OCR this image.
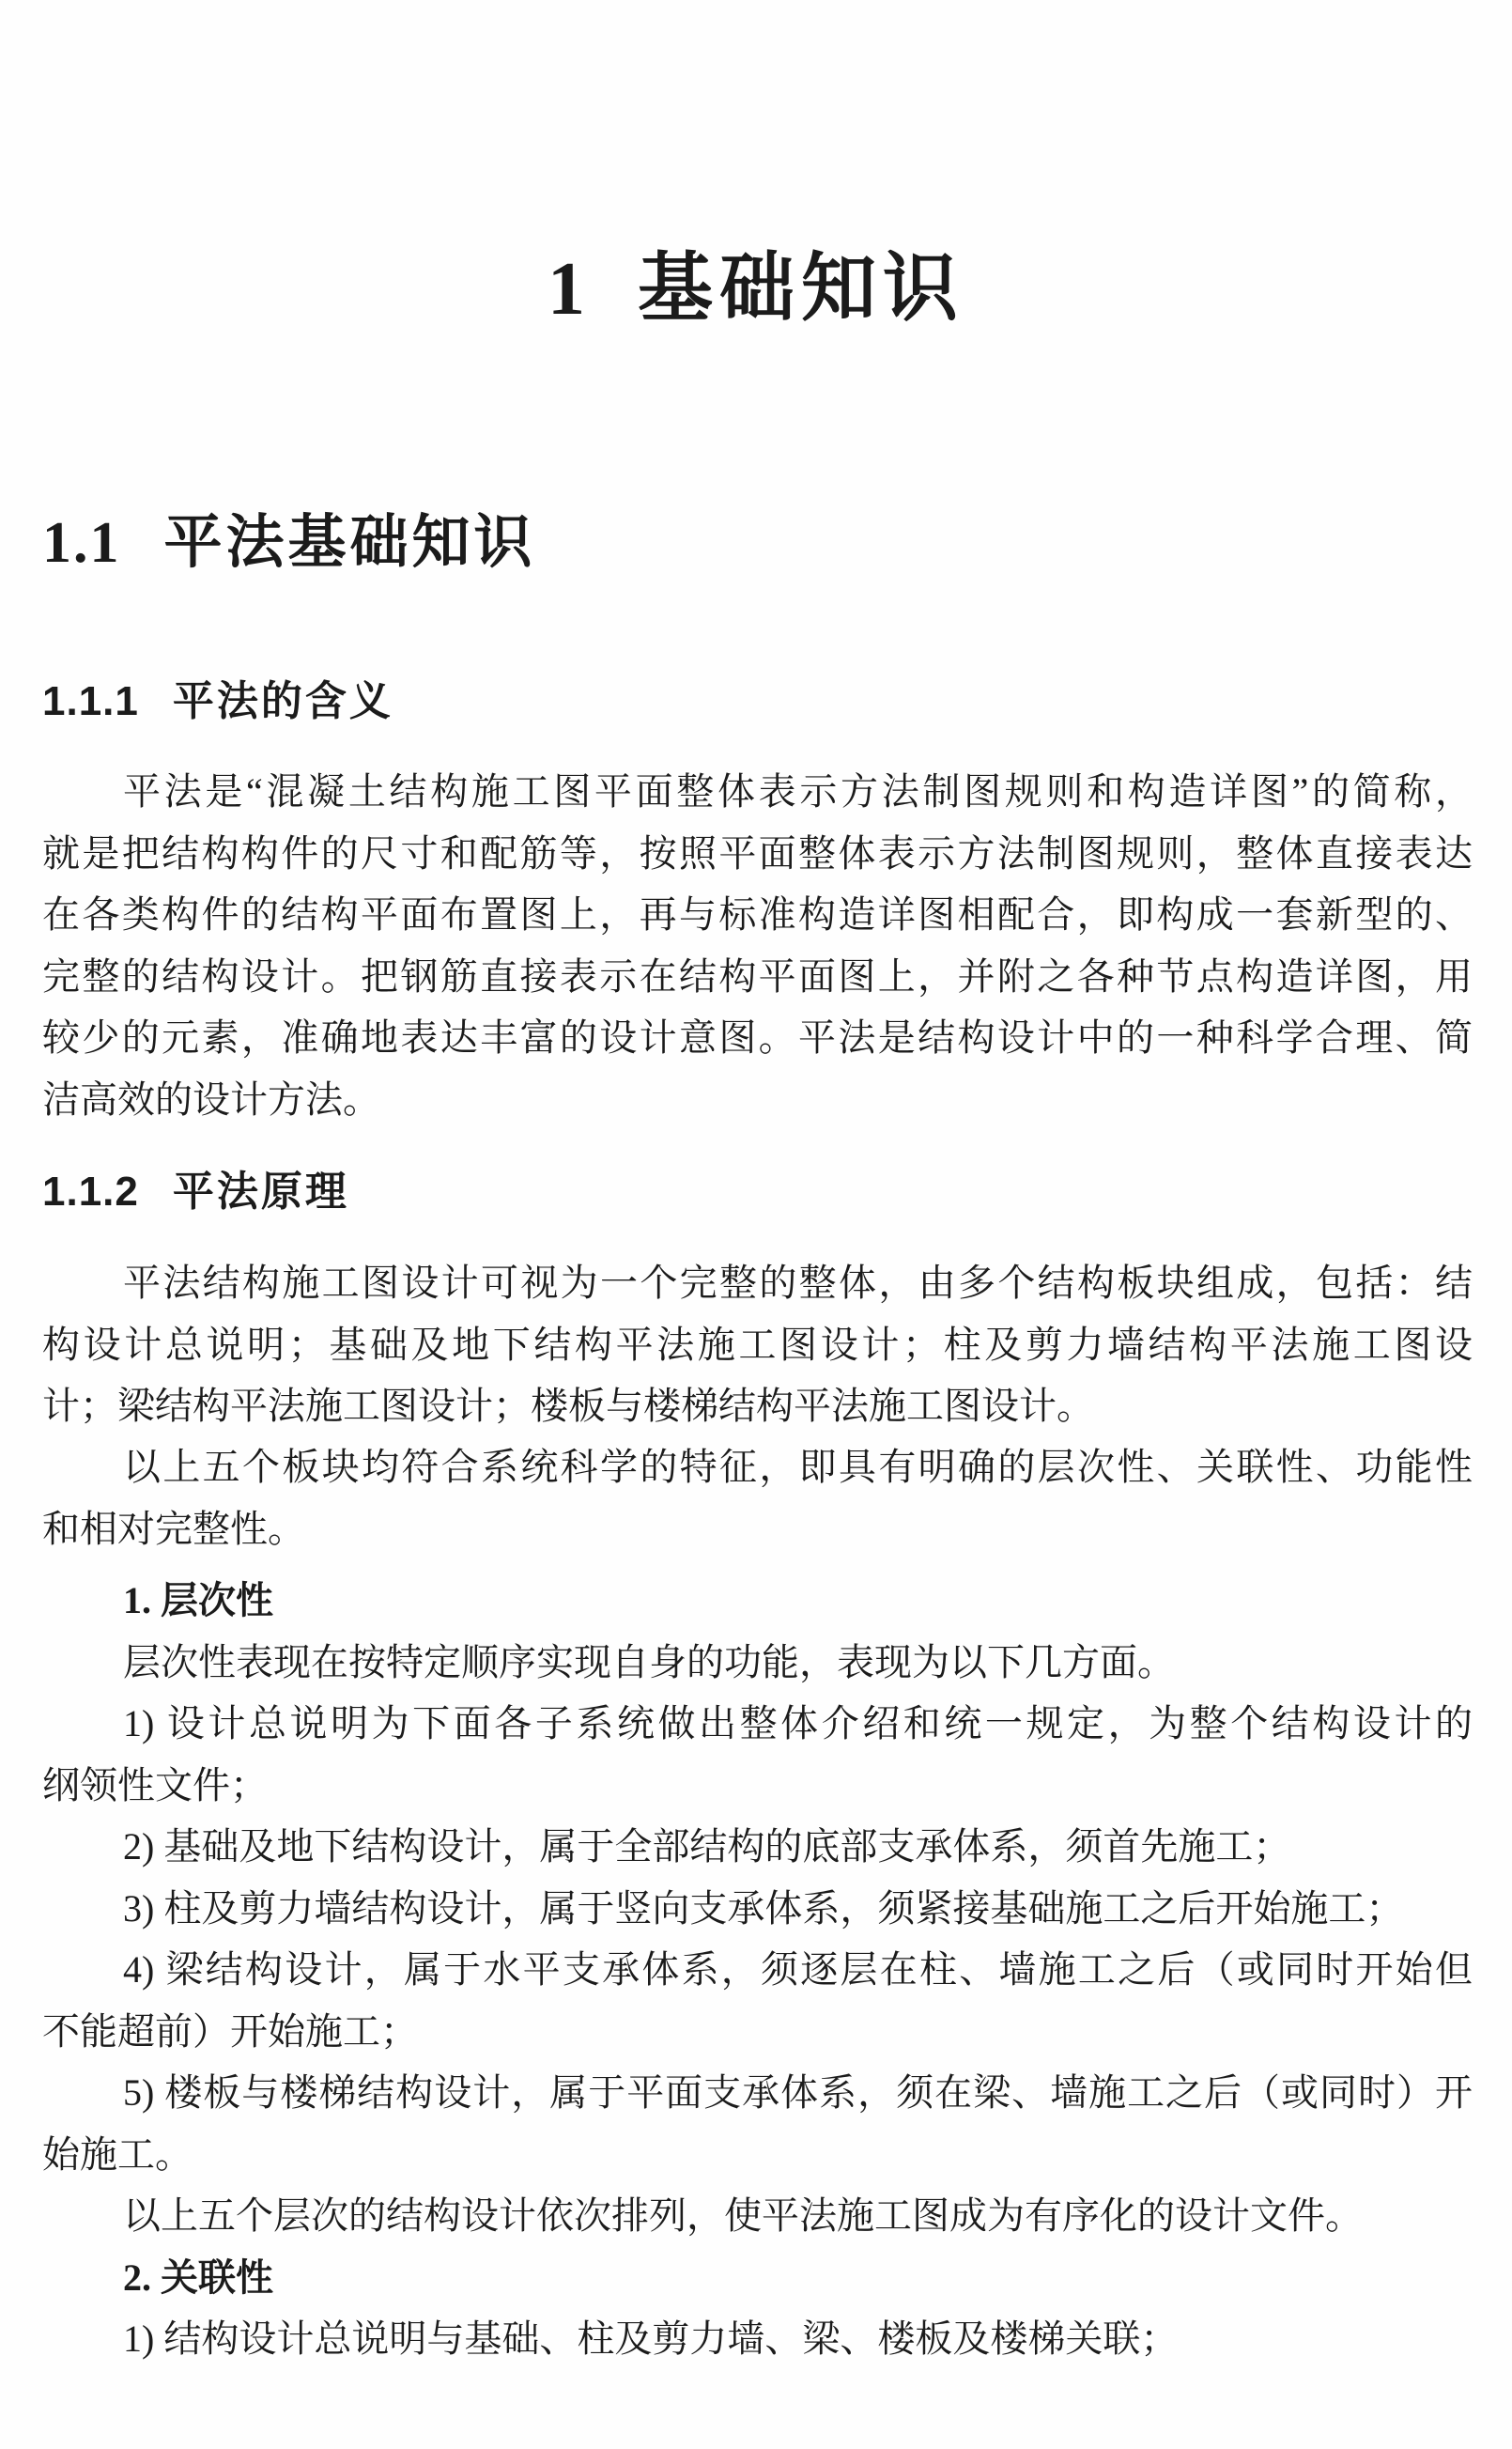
1 基础知识
1.1 平法基础知识
1.1.1 平法的含义
平法是“混凝土结构施工图平面整体表示方法制图规则和构造详图”的简称，
就是把结构构件的尺寸和配筋等，按照平面整体表示方法制图规则，整体直接表达
在各类构件的结构平面布置图上，再与标准构造详图相配合，即构成一套新型的、
完整的结构设计。把钢筋直接表示在结构平面图上，并附之各种节点构造详图，用
较少的元素，准确地表达丰富的设计意图。平法是结构设计中的一种科学合理、简
洁高效的设计方法。
1.1.2 平法原理
平法结构施工图设计可视为一个完整的整体，由多个结构板块组成，包括：结
构设计总说明；基础及地下结构平法施工图设计；柱及剪力墙结构平法施工图设
计；梁结构平法施工图设计；楼板与楼梯结构平法施工图设计。
以上五个板块均符合系统科学的特征，即具有明确的层次性、关联性、功能性
和相对完整性。
1. 层次性
层次性表现在按特定顺序实现自身的功能，表现为以下几方面。
1) 设计总说明为下面各子系统做出整体介绍和统一规定，为整个结构设计的
纲领性文件；
2) 基础及地下结构设计，属于全部结构的底部支承体系，须首先施工；
3) 柱及剪力墙结构设计，属于竖向支承体系，须紧接基础施工之后开始施工；
4) 梁结构设计，属于水平支承体系，须逐层在柱、墙施工之后（或同时开始但
不能超前）开始施工；
5) 楼板与楼梯结构设计，属于平面支承体系，须在梁、墙施工之后（或同时）开
始施工。
以上五个层次的结构设计依次排列，使平法施工图成为有序化的设计文件。
2. 关联性
1) 结构设计总说明与基础、柱及剪力墙、梁、楼板及楼梯关联；
